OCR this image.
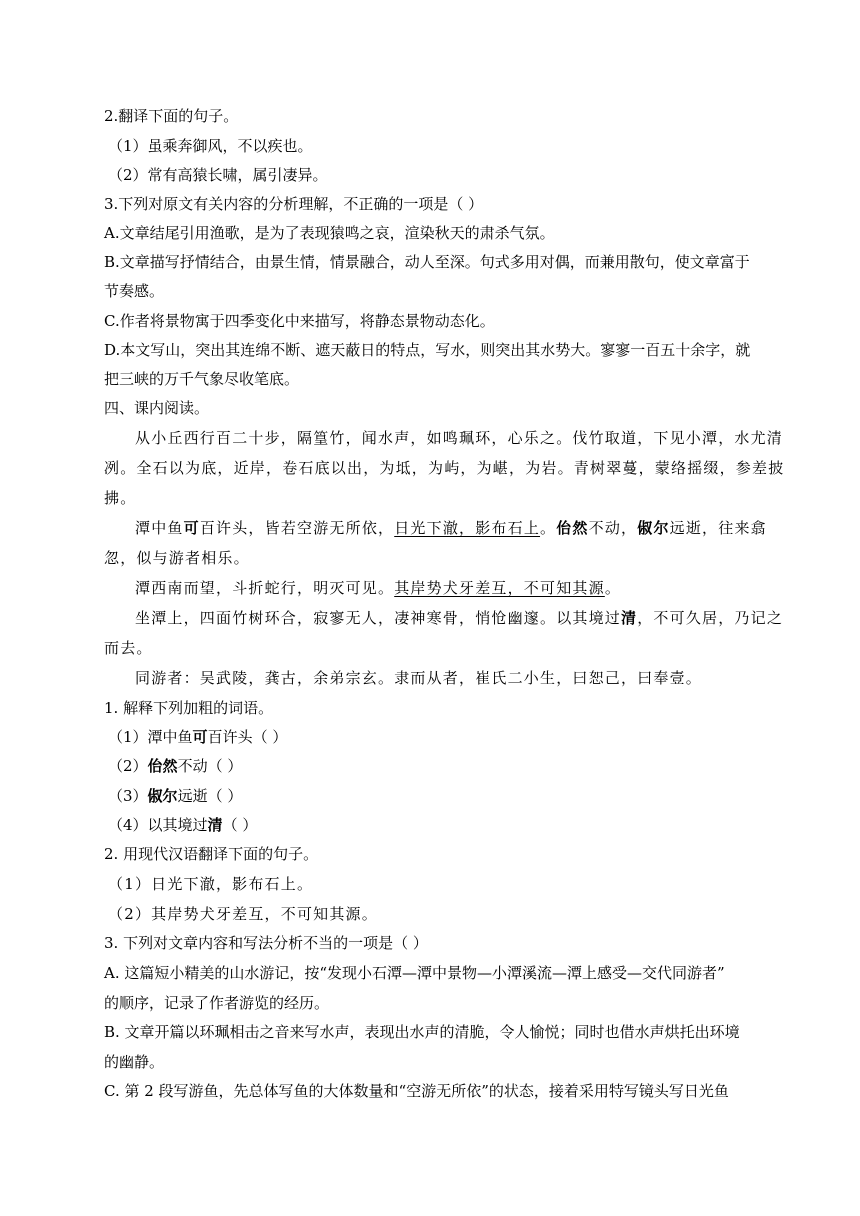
2.翻译下面的句子。
（1）虽乘奔御风，不以疾也。
（2）常有高猿长啸，属引凄异。
3.下列对原文有关内容的分析理解，不正确的一项是（ ）
A.文章结尾引用渔歌，是为了表现猿鸣之哀，渲染秋天的肃杀气氛。
B.文章描写抒情结合，由景生情，情景融合，动人至深。句式多用对偶，而兼用散句，使文章富于
节奏感。
C.作者将景物寓于四季变化中来描写，将静态景物动态化。
D.本文写山，突出其连绵不断、遮天蔽日的特点，写水，则突出其水势大。寥寥一百五十余字，就
把三峡的万千气象尽收笔底。
四、课内阅读。
从小丘西行百二十步，隔篁竹，闻水声，如鸣珮环，心乐之。伐竹取道，下见小潭，水尤清
冽。全石以为底，近岸，卷石底以出，为坻，为屿，为嵁，为岩。青树翠蔓，蒙络摇缀，参差披
拂。
潭中鱼可百许头，皆若空游无所依，日光下澈，影布石上。佁然不动，俶尔远逝，往来翕
忽，似与游者相乐。
潭西南而望，斗折蛇行，明灭可见。其岸势犬牙差互，不可知其源。
坐潭上，四面竹树环合，寂寥无人，凄神寒骨，悄怆幽邃。以其境过清，不可久居，乃记之
而去。
同游者：吴武陵，龚古，余弟宗玄。隶而从者，崔氏二小生，曰恕己，曰奉壹。
1. 解释下列加粗的词语。
（1）潭中鱼可百许头（ ）
（2）佁然不动（ ）
（3）俶尔远逝（ ）
（4）以其境过清（ ）
2. 用现代汉语翻译下面的句子。
（1）日光下澈，影布石上。
（2）其岸势犬牙差互，不可知其源。
3. 下列对文章内容和写法分析不当的一项是（ ）
A. 这篇短小精美的山水游记，按“发现小石潭—潭中景物—小潭溪流—潭上感受—交代同游者”
的顺序，记录了作者游览的经历。
B. 文章开篇以环珮相击之音来写水声，表现出水声的清脆，令人愉悦；同时也借水声烘托出环境
的幽静。
C. 第 2 段写游鱼，先总体写鱼的大体数量和“空游无所依”的状态，接着采用特写镜头写日光鱼
